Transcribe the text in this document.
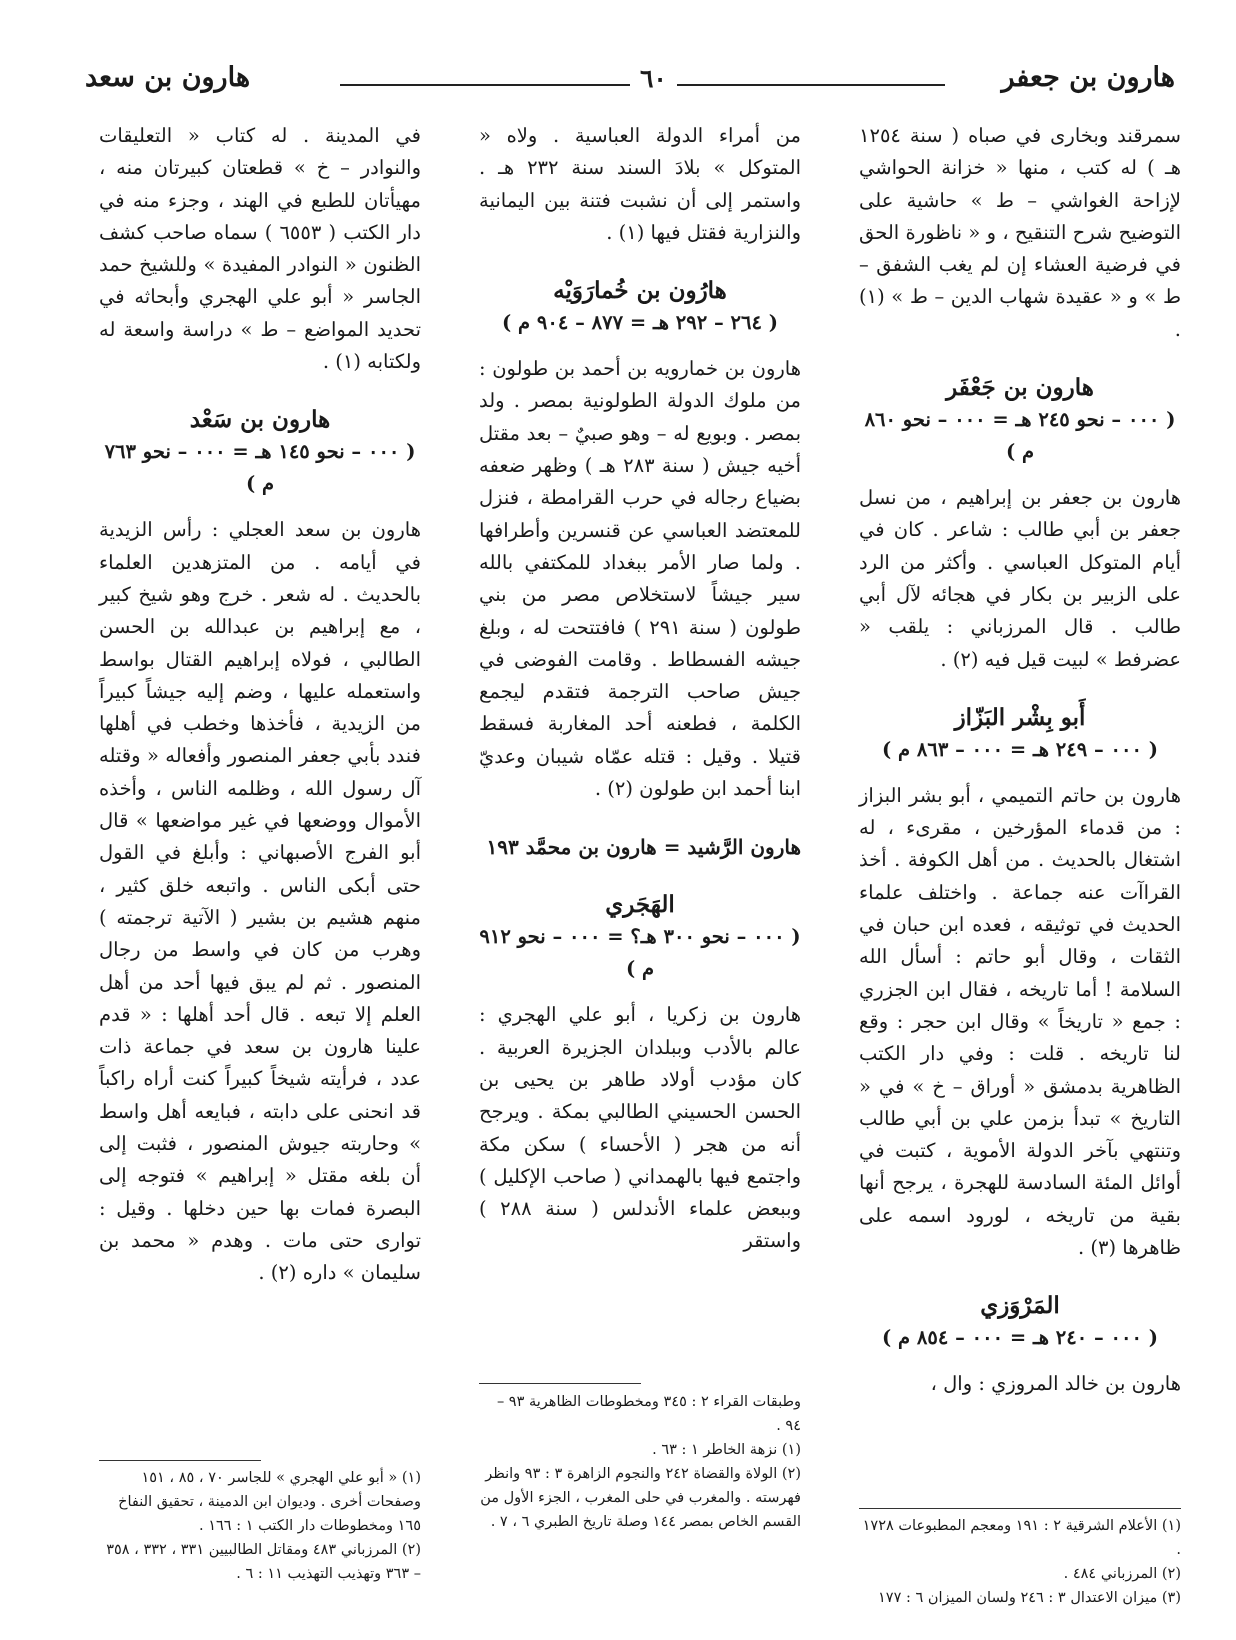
هارون بن جعفر
٦٠
هارون بن سعد

سمرقند وبخارى في صباه ( سنة ١٢٥٤ هـ ) له كتب ، منها « خزانة الحواشي لإزاحة الغواشي – ط » حاشية على التوضيح شرح التنقيح ، و « ناظورة الحق في فرضية العشاء إن لم يغب الشفق – ط » و « عقيدة شهاب الدين – ط » (١) .

هارون بن جَعْفَر

( ٠٠٠ – نحو ٢٤٥ هـ = ٠٠٠ – نحو ٨٦٠ م )

هارون بن جعفر بن إبراهيم ، من نسل جعفر بن أبي طالب : شاعر . كان في أيام المتوكل العباسي . وأكثر من الرد على الزبير بن بكار في هجائه لآل أبي طالب . قال المرزباني : يلقب « عضرفط » لبيت قيل فيه (٢) .

أَبو بِشْر البَزّاز

( ٠٠٠ – ٢٤٩ هـ = ٠٠٠ – ٨٦٣ م )

هارون بن حاتم التميمي ، أبو بشر البزاز : من قدماء المؤرخين ، مقرىء ، له اشتغال بالحديث . من أهل الكوفة . أخذ القراآت عنه جماعة . واختلف علماء الحديث في توثيقه ، فعده ابن حبان في الثقات ، وقال أبو حاتم : أسأل الله السلامة ! أما تاريخه ، فقال ابن الجزري : جمع « تاريخاً » وقال ابن حجر : وقع لنا تاريخه . قلت : وفي دار الكتب الظاهرية بدمشق « أوراق – خ » في « التاريخ » تبدأ بزمن علي بن أبي طالب وتنتهي بآخر الدولة الأموية ، كتبت في أوائل المئة السادسة للهجرة ، يرجح أنها بقية من تاريخه ، لورود اسمه على ظاهرها (٣) .

المَرْوَزي

( ٠٠٠ – ٢٤٠ هـ = ٠٠٠ – ٨٥٤ م )

هارون بن خالد المروزي : وال ،

(١) الأعلام الشرقية ٢ : ١٩١ ومعجم المطبوعات ١٧٢٨ .

(٢) المرزباني ٤٨٤ .

(٣) ميزان الاعتدال ٣ : ٢٤٦ ولسان الميزان ٦ : ١٧٧

من أمراء الدولة العباسية . ولاه « المتوكل » بلادَ السند سنة ٢٣٢ هـ . واستمر إلى أن نشبت فتنة بين اليمانية والنزارية فقتل فيها (١) .

هارُون بن خُمارَوَيْه

( ٢٦٤ – ٢٩٢ هـ = ٨٧٧ – ٩٠٤ م )

هارون بن خمارويه بن أحمد بن طولون : من ملوك الدولة الطولونية بمصر . ولد بمصر . وبويع له – وهو صبيٌ – بعد مقتل أخيه جيش ( سنة ٢٨٣ هـ ) وظهر ضعفه بضياع رجاله في حرب القرامطة ، فنزل للمعتضد العباسي عن قنسرين وأطرافها . ولما صار الأمر ببغداد للمكتفي بالله سير جيشاً لاستخلاص مصر من بني طولون ( سنة ٢٩١ ) فافتتحت له ، وبلغ جيشه الفسطاط . وقامت الفوضى في جيش صاحب الترجمة فتقدم ليجمع الكلمة ، فطعنه أحد المغاربة فسقط قتيلا . وقيل : قتله عمّاه شيبان وعديّ ابنا أحمد ابن طولون (٢) .

هارون الرَّشيد = هارون بن محمَّد ١٩٣

الهَجَري

( ٠٠٠ – نحو ٣٠٠ هـ؟ = ٠٠٠ – نحو ٩١٢ م )

هارون بن زكريا ، أبو علي الهجري : عالم بالأدب وببلدان الجزيرة العربية . كان مؤدب أولاد طاهر بن يحيى بن الحسن الحسيني الطالبي بمكة . ويرجح أنه من هجر ( الأحساء ) سكن مكة واجتمع فيها بالهمداني ( صاحب الإكليل ) وببعض علماء الأندلس ( سنة ٢٨٨ ) واستقر

وطبقات القراء ٢ : ٣٤٥ ومخطوطات الظاهرية ٩٣ – ٩٤ .

(١) نزهة الخاطر ١ : ٦٣ .

(٢) الولاة والقضاة ٢٤٢ والنجوم الزاهرة ٣ : ٩٣ وانظر فهرسته . والمغرب في حلى المغرب ، الجزء الأول من القسم الخاص بمصر ١٤٤ وصلة تاريخ الطبري ٦ ، ٧ .

في المدينة . له كتاب « التعليقات والنوادر – خ » قطعتان كبيرتان منه ، مهيأتان للطبع في الهند ، وجزء منه في دار الكتب ( ٦٥٥٣ ) سماه صاحب كشف الظنون « النوادر المفيدة » وللشيخ حمد الجاسر « أبو علي الهجري وأبحاثه في تحديد المواضع – ط » دراسة واسعة له ولكتابه (١) .

هارون بن سَعْد

( ٠٠٠ – نحو ١٤٥ هـ = ٠٠٠ – نحو ٧٦٣ م )

هارون بن سعد العجلي : رأس الزيدية في أيامه . من المتزهدين العلماء بالحديث . له شعر . خرج وهو شيخ كبير ، مع إبراهيم بن عبدالله بن الحسن الطالبي ، فولاه إبراهيم القتال بواسط واستعمله عليها ، وضم إليه جيشاً كبيراً من الزيدية ، فأخذها وخطب في أهلها فندد بأبي جعفر المنصور وأفعاله « وقتله آل رسول الله ، وظلمه الناس ، وأخذه الأموال ووضعها في غير مواضعها » قال أبو الفرج الأصبهاني : وأبلغ في القول حتى أبكى الناس . واتبعه خلق كثير ، منهم هشيم بن بشير ( الآتية ترجمته ) وهرب من كان في واسط من رجال المنصور . ثم لم يبق فيها أحد من أهل العلم إلا تبعه . قال أحد أهلها : « قدم علينا هارون بن سعد في جماعة ذات عدد ، فرأيته شيخاً كبيراً كنت أراه راكباً قد انحنى على دابته ، فبايعه أهل واسط » وحاربته جيوش المنصور ، فثبت إلى أن بلغه مقتل « إبراهيم » فتوجه إلى البصرة فمات بها حين دخلها . وقيل : توارى حتى مات . وهدم « محمد بن سليمان » داره (٢) .

(١) « أبو علي الهجري » للجاسر ٧٠ ، ٨٥ ، ١٥١ وصفحات أخرى . وديوان ابن الدمينة ، تحقيق النفاخ ١٦٥ ومخطوطات دار الكتب ١ : ١٦٦ .

(٢) المرزباني ٤٨٣ ومقاتل الطالبيين ٣٣١ ، ٣٣٢ ، ٣٥٨ – ٣٦٣ وتهذيب التهذيب ١١ : ٦ .
